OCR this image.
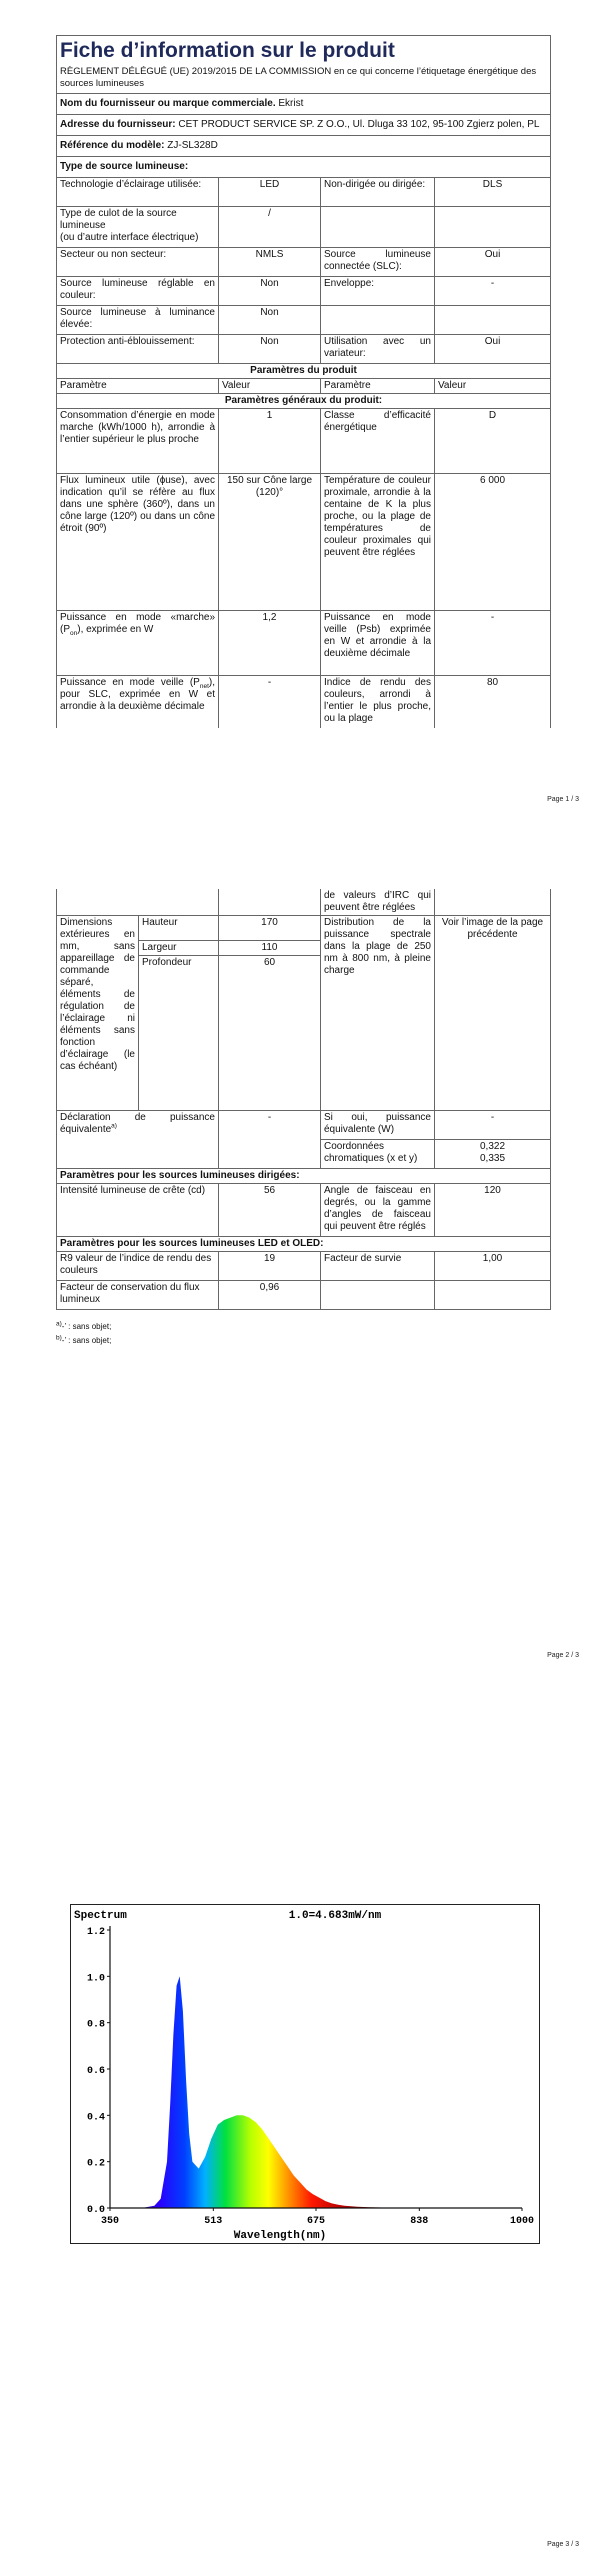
Fiche d’information sur le produit
RÈGLEMENT DÉLÉGUÉ (UE) 2019/2015 DE LA COMMISSION en ce qui concerne l’étiquetage énergétique des sources lumineuses			

Nom du fournisseur ou marque commerciale. Ekrist			
Adresse du fournisseur: CET PRODUCT SERVICE SP. Z O.O., Ul. Dluga 33 102, 95-100 Zgierz polen, PL			
Référence du modèle: ZJ-SL328D			
Type de source lumineuse:			
Technologie d’éclairage utilisée:	LED	Non-dirigée ou dirigée:	DLS
Type de culot de la source lumineuse
(ou d’autre interface électrique)	/		
Secteur ou non secteur:	NMLS	Source lumineuse connectée (SLC):	Oui
Source lumineuse réglable en couleur:	Non	Enveloppe:	-
Source lumineuse à luminance élevée:	Non		
Protection anti-éblouissement:	Non	Utilisation avec un variateur:	Oui
Paramètres du produit			
Paramètre	Valeur	Paramètre	Valeur
Paramètres généraux du produit:			
Consommation d’énergie en mode marche (kWh/1000 h), arrondie à l’entier supérieur le plus proche	1	Classe d’efficacité énergétique	D
Flux lumineux utile (ɸuse), avec indication qu’il se réfère au flux dans une sphère (360º), dans un cône large (120º) ou dans un cône étroit (90º)	150 sur Cône large (120)°	Température de couleur proximale, arrondie à la centaine de K la plus proche, ou la plage de températures de couleur proximales qui peuvent être réglées	6 000
Puissance en mode «marche» $(P_{on})$, exprimée en W	1,2	Puissance en mode veille (Psb) exprimée en W et arrondie à la deuxième décimale	-
Puissance en mode veille $(P_{net})$, pour SLC, exprimée en W et arrondie à la deuxième décimale	-	Indice de rendu des couleurs, arrondi à l’entier le plus proche, ou la plage	80
Page 1 / 3
			de valeurs d’IRC qui peuvent être réglées	
Dimensions extérieures en mm, sans appareillage de commande séparé, éléments de régulation de l’éclairage ni éléments sans fonction d’éclairage (le cas échéant)	Hauteur	170	Distribution de la puissance spectrale dans la plage de 250 nm à 800 nm, à pleine charge	Voir l’image de la page précédente
	Largeur	110		
	Profondeur	60		
Déclaration de puissance équivalente$^{a)}$		-	Si oui, puissance équivalente (W)	-
			Coordonnées chromatiques (x et y)	0,322
0,335

Paramètres pour les sources lumineuses dirigées:				
Intensité lumineuse de crête (cd)		56	Angle de faisceau en degrés, ou la gamme d’angles de faisceau qui peuvent être réglés	120
Paramètres pour les sources lumineuses LED et OLED:				
R9 valeur de l’indice de rendu des couleurs		19	Facteur de survie	1,00
Facteur de conservation du flux lumineux		0,96		
$^{a)}$-’ : sans objet;
$^{b)}$-’ : sans objet;
Page 2 / 3
Spectrum	1.0=4.683mW/nm
0.0
0.2
0.4
0.6
0.8
1.0
1.2
350	513	675	838	1000
Wavelength(nm)
Page 3 / 3
